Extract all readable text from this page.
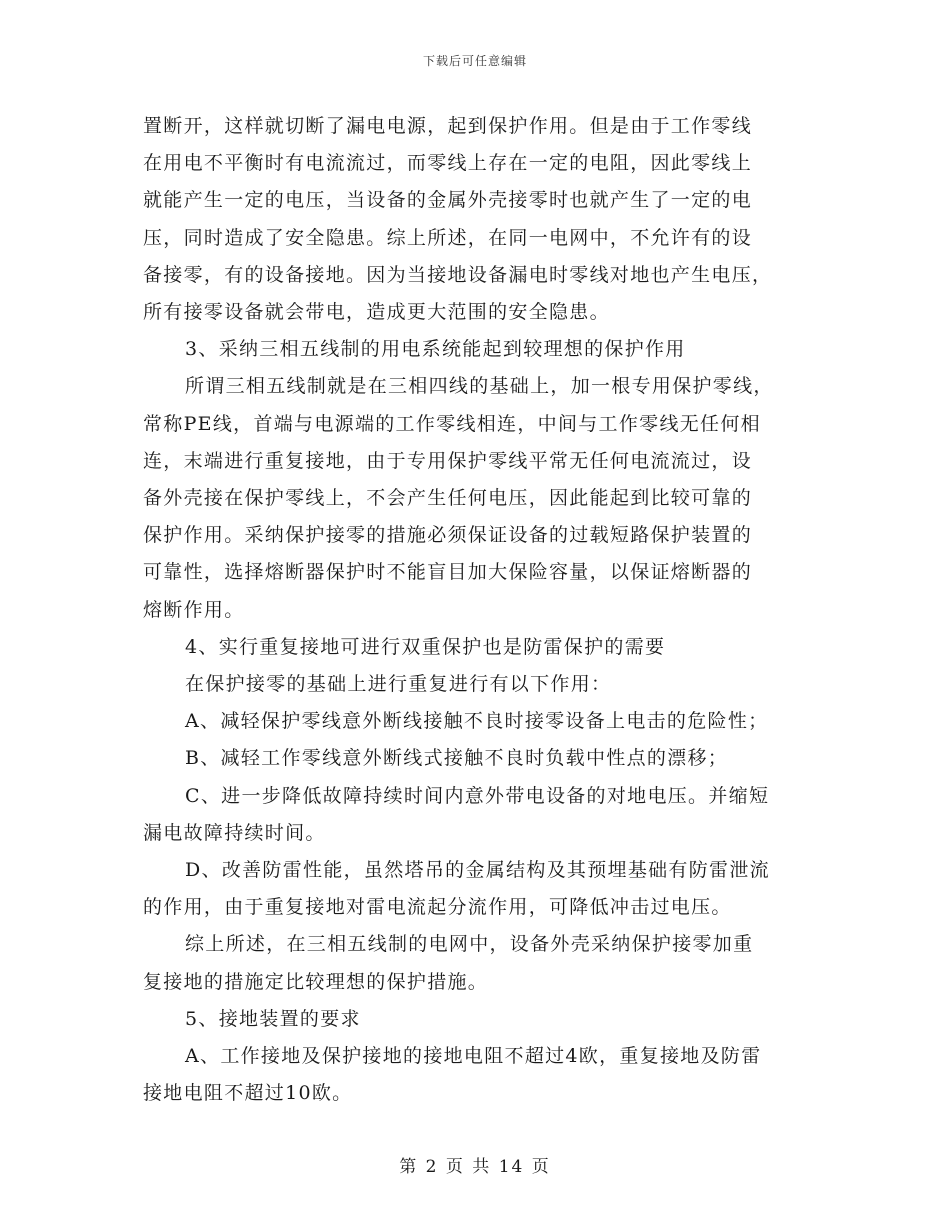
下载后可任意编辑

置断开，这样就切断了漏电电源，起到保护作用。但是由于工作零线

在用电不平衡时有电流流过，而零线上存在一定的电阻，因此零线上

就能产生一定的电压，当设备的金属外壳接零时也就产生了一定的电

压，同时造成了安全隐患。综上所述，在同一电网中，不允许有的设

备接零，有的设备接地。因为当接地设备漏电时零线对地也产生电压，

所有接零设备就会带电，造成更大范围的安全隐患。

3、采纳三相五线制的用电系统能起到较理想的保护作用

所谓三相五线制就是在三相四线的基础上，加一根专用保护零线，

常称PE线，首端与电源端的工作零线相连，中间与工作零线无任何相

连，末端进行重复接地，由于专用保护零线平常无任何电流流过，设

备外壳接在保护零线上，不会产生任何电压，因此能起到比较可靠的

保护作用。采纳保护接零的措施必须保证设备的过载短路保护装置的

可靠性，选择熔断器保护时不能盲目加大保险容量，以保证熔断器的

熔断作用。

4、实行重复接地可进行双重保护也是防雷保护的需要

在保护接零的基础上进行重复进行有以下作用：

A、减轻保护零线意外断线接触不良时接零设备上电击的危险性；

B、减轻工作零线意外断线式接触不良时负载中性点的漂移；

C、进一步降低故障持续时间内意外带电设备的对地电压。并缩短

漏电故障持续时间。

D、改善防雷性能，虽然塔吊的金属结构及其预埋基础有防雷泄流

的作用，由于重复接地对雷电流起分流作用，可降低冲击过电压。

综上所述，在三相五线制的电网中，设备外壳采纳保护接零加重

复接地的措施定比较理想的保护措施。

5、接地装置的要求

A、工作接地及保护接地的接地电阻不超过4欧，重复接地及防雷

接地电阻不超过10欧。

第 2 页 共 14 页
